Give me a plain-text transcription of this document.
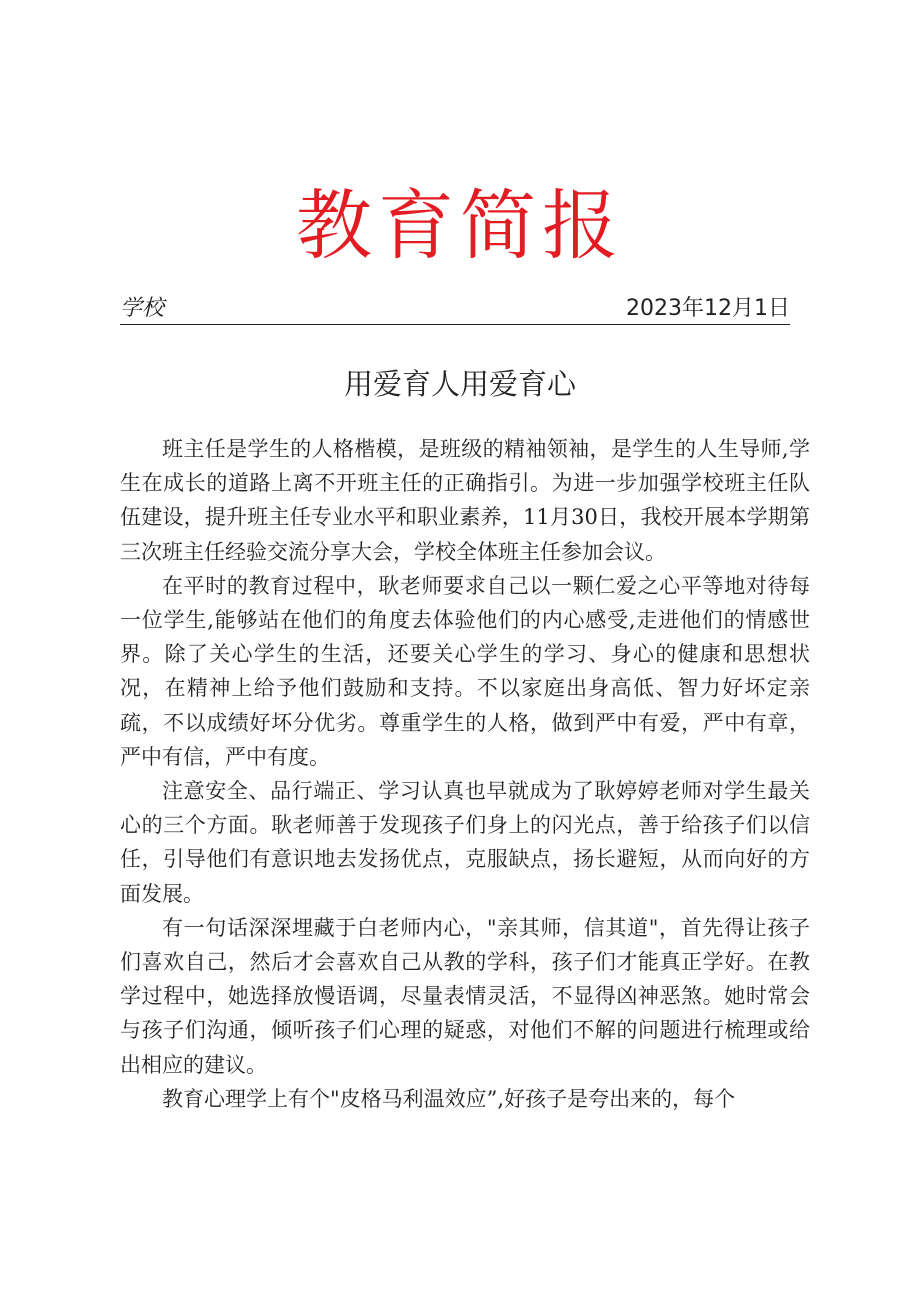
教育简报
学校	2023年12月1日
用爱育人用爱育心

班主任是学生的人格楷模，是班级的精袖领袖，是学生的人生导师,学生在成长的道路上离不开班主任的正确指引。为进一步加强学校班主任队伍建设，提升班主任专业水平和职业素养，11月30日，我校开展本学期第三次班主任经验交流分享大会，学校全体班主任参加会议。

在平时的教育过程中，耿老师要求自己以一颗仁爱之心平等地对待每一位学生,能够站在他们的角度去体验他们的内心感受,走进他们的情感世界。除了关心学生的生活，还要关心学生的学习、身心的健康和思想状况，在精神上给予他们鼓励和支持。不以家庭出身高低、智力好坏定亲疏，不以成绩好坏分优劣。尊重学生的人格，做到严中有爱，严中有章，严中有信，严中有度。

注意安全、品行端正、学习认真也早就成为了耿婷婷老师对学生最关心的三个方面。耿老师善于发现孩子们身上的闪光点，善于给孩子们以信任，引导他们有意识地去发扬优点，克服缺点，扬长避短，从而向好的方面发展。

有一句话深深埋藏于白老师内心，"亲其师，信其道"，首先得让孩子们喜欢自己，然后才会喜欢自己从教的学科，孩子们才能真正学好。在教学过程中，她选择放慢语调，尽量表情灵活，不显得凶神恶煞。她时常会与孩子们沟通，倾听孩子们心理的疑惑，对他们不解的问题进行梳理或给出相应的建议。

教育心理学上有个"皮格马利温效应”,好孩子是夸出来的，每个
